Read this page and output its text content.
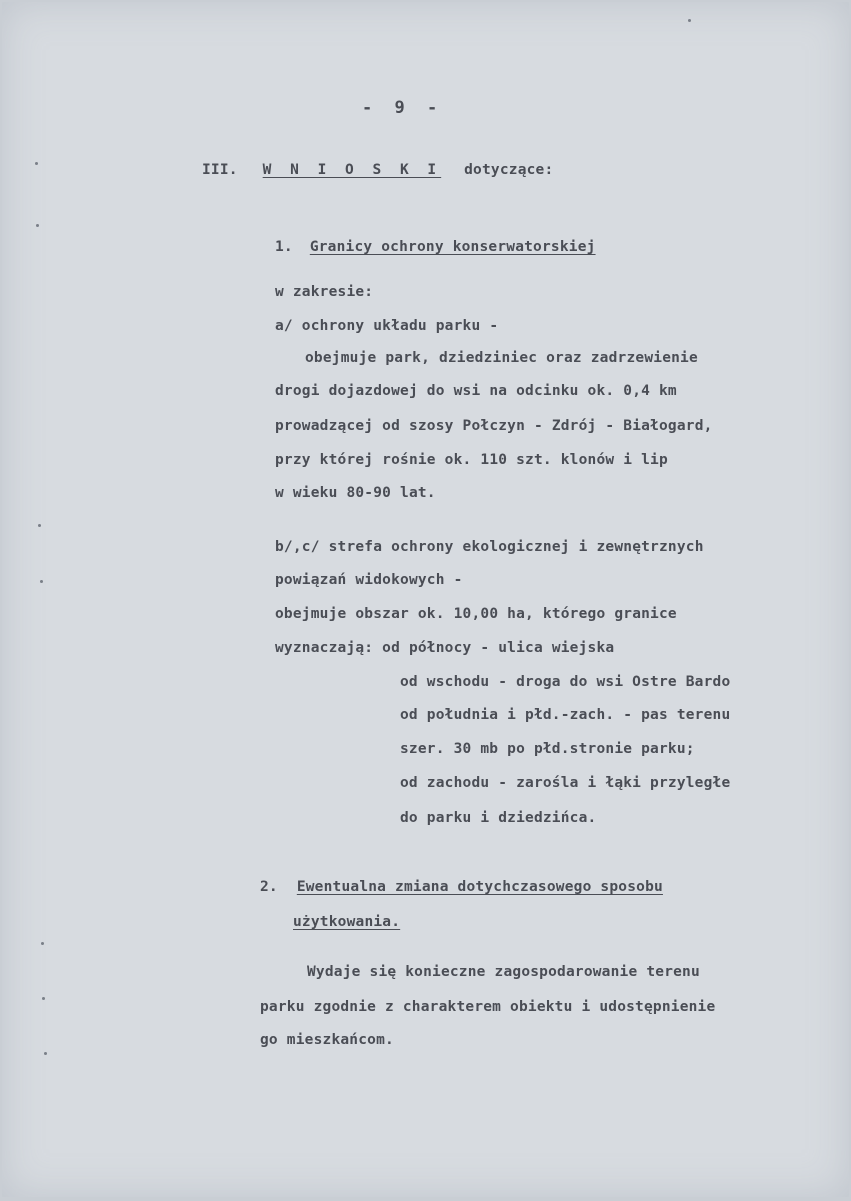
- 9 -
III. W N I O S K I dotyczące:
1. Granicy ochrony konserwatorskiej
w zakresie:
a/ ochrony układu parku -
obejmuje park, dziedziniec oraz zadrzewienie
drogi dojazdowej do wsi na odcinku ok. 0,4 km
prowadzącej od szosy Połczyn - Zdrój - Białogard,
przy której rośnie ok. 110 szt. klonów i lip
w wieku 80-90 lat.
b/,c/ strefa ochrony ekologicznej i zewnętrznych
powiązań widokowych -
obejmuje obszar ok. 10,00 ha, którego granice
wyznaczają: od północy - ulica wiejska
od wschodu - droga do wsi Ostre Bardo
od południa i płd.-zach. - pas terenu
szer. 30 mb po płd.stronie parku;
od zachodu - zarośla i łąki przyległe
do parku i dziedzińca.
2. Ewentualna zmiana dotychczasowego sposobu
użytkowania.
Wydaje się konieczne zagospodarowanie terenu
parku zgodnie z charakterem obiektu i udostępnienie
go mieszkańcom.
